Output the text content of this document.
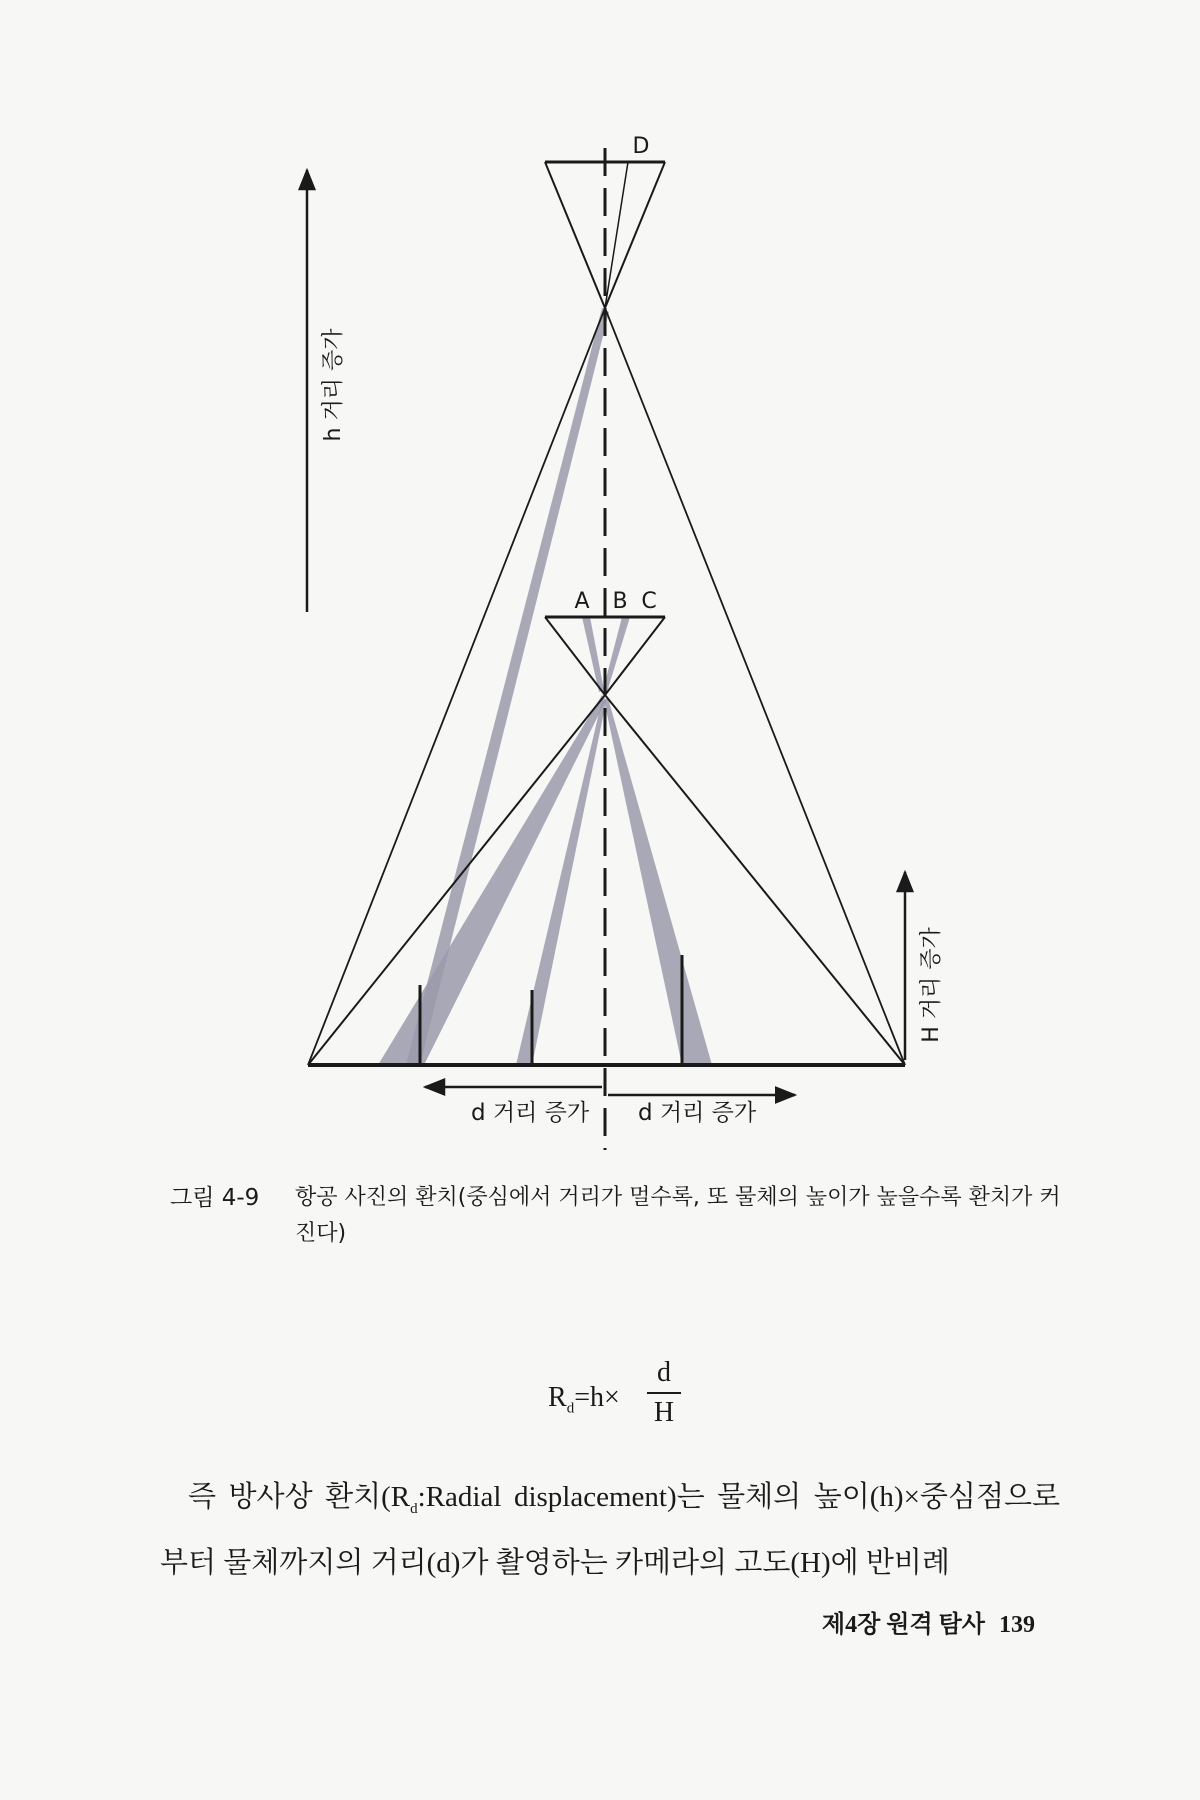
D
A B C
h 거리 증가
H 거리 증가
d 거리 증가 d 거리 증가
그림 4-9 항공 사진의 환치(중심에서 거리가 멀수록, 또 물체의 높이가 높을수록 환치가 커진다)
$R_d=h\times$
d
H
즉 방사상 환치($R_d:Radial$ displacement)는 물체의 높이(h)×중심점으로 부터 물체까지의 거리(d)가 촬영하는 카메라의 고도(H)에 반비례
제4장 원격 탐사 139
